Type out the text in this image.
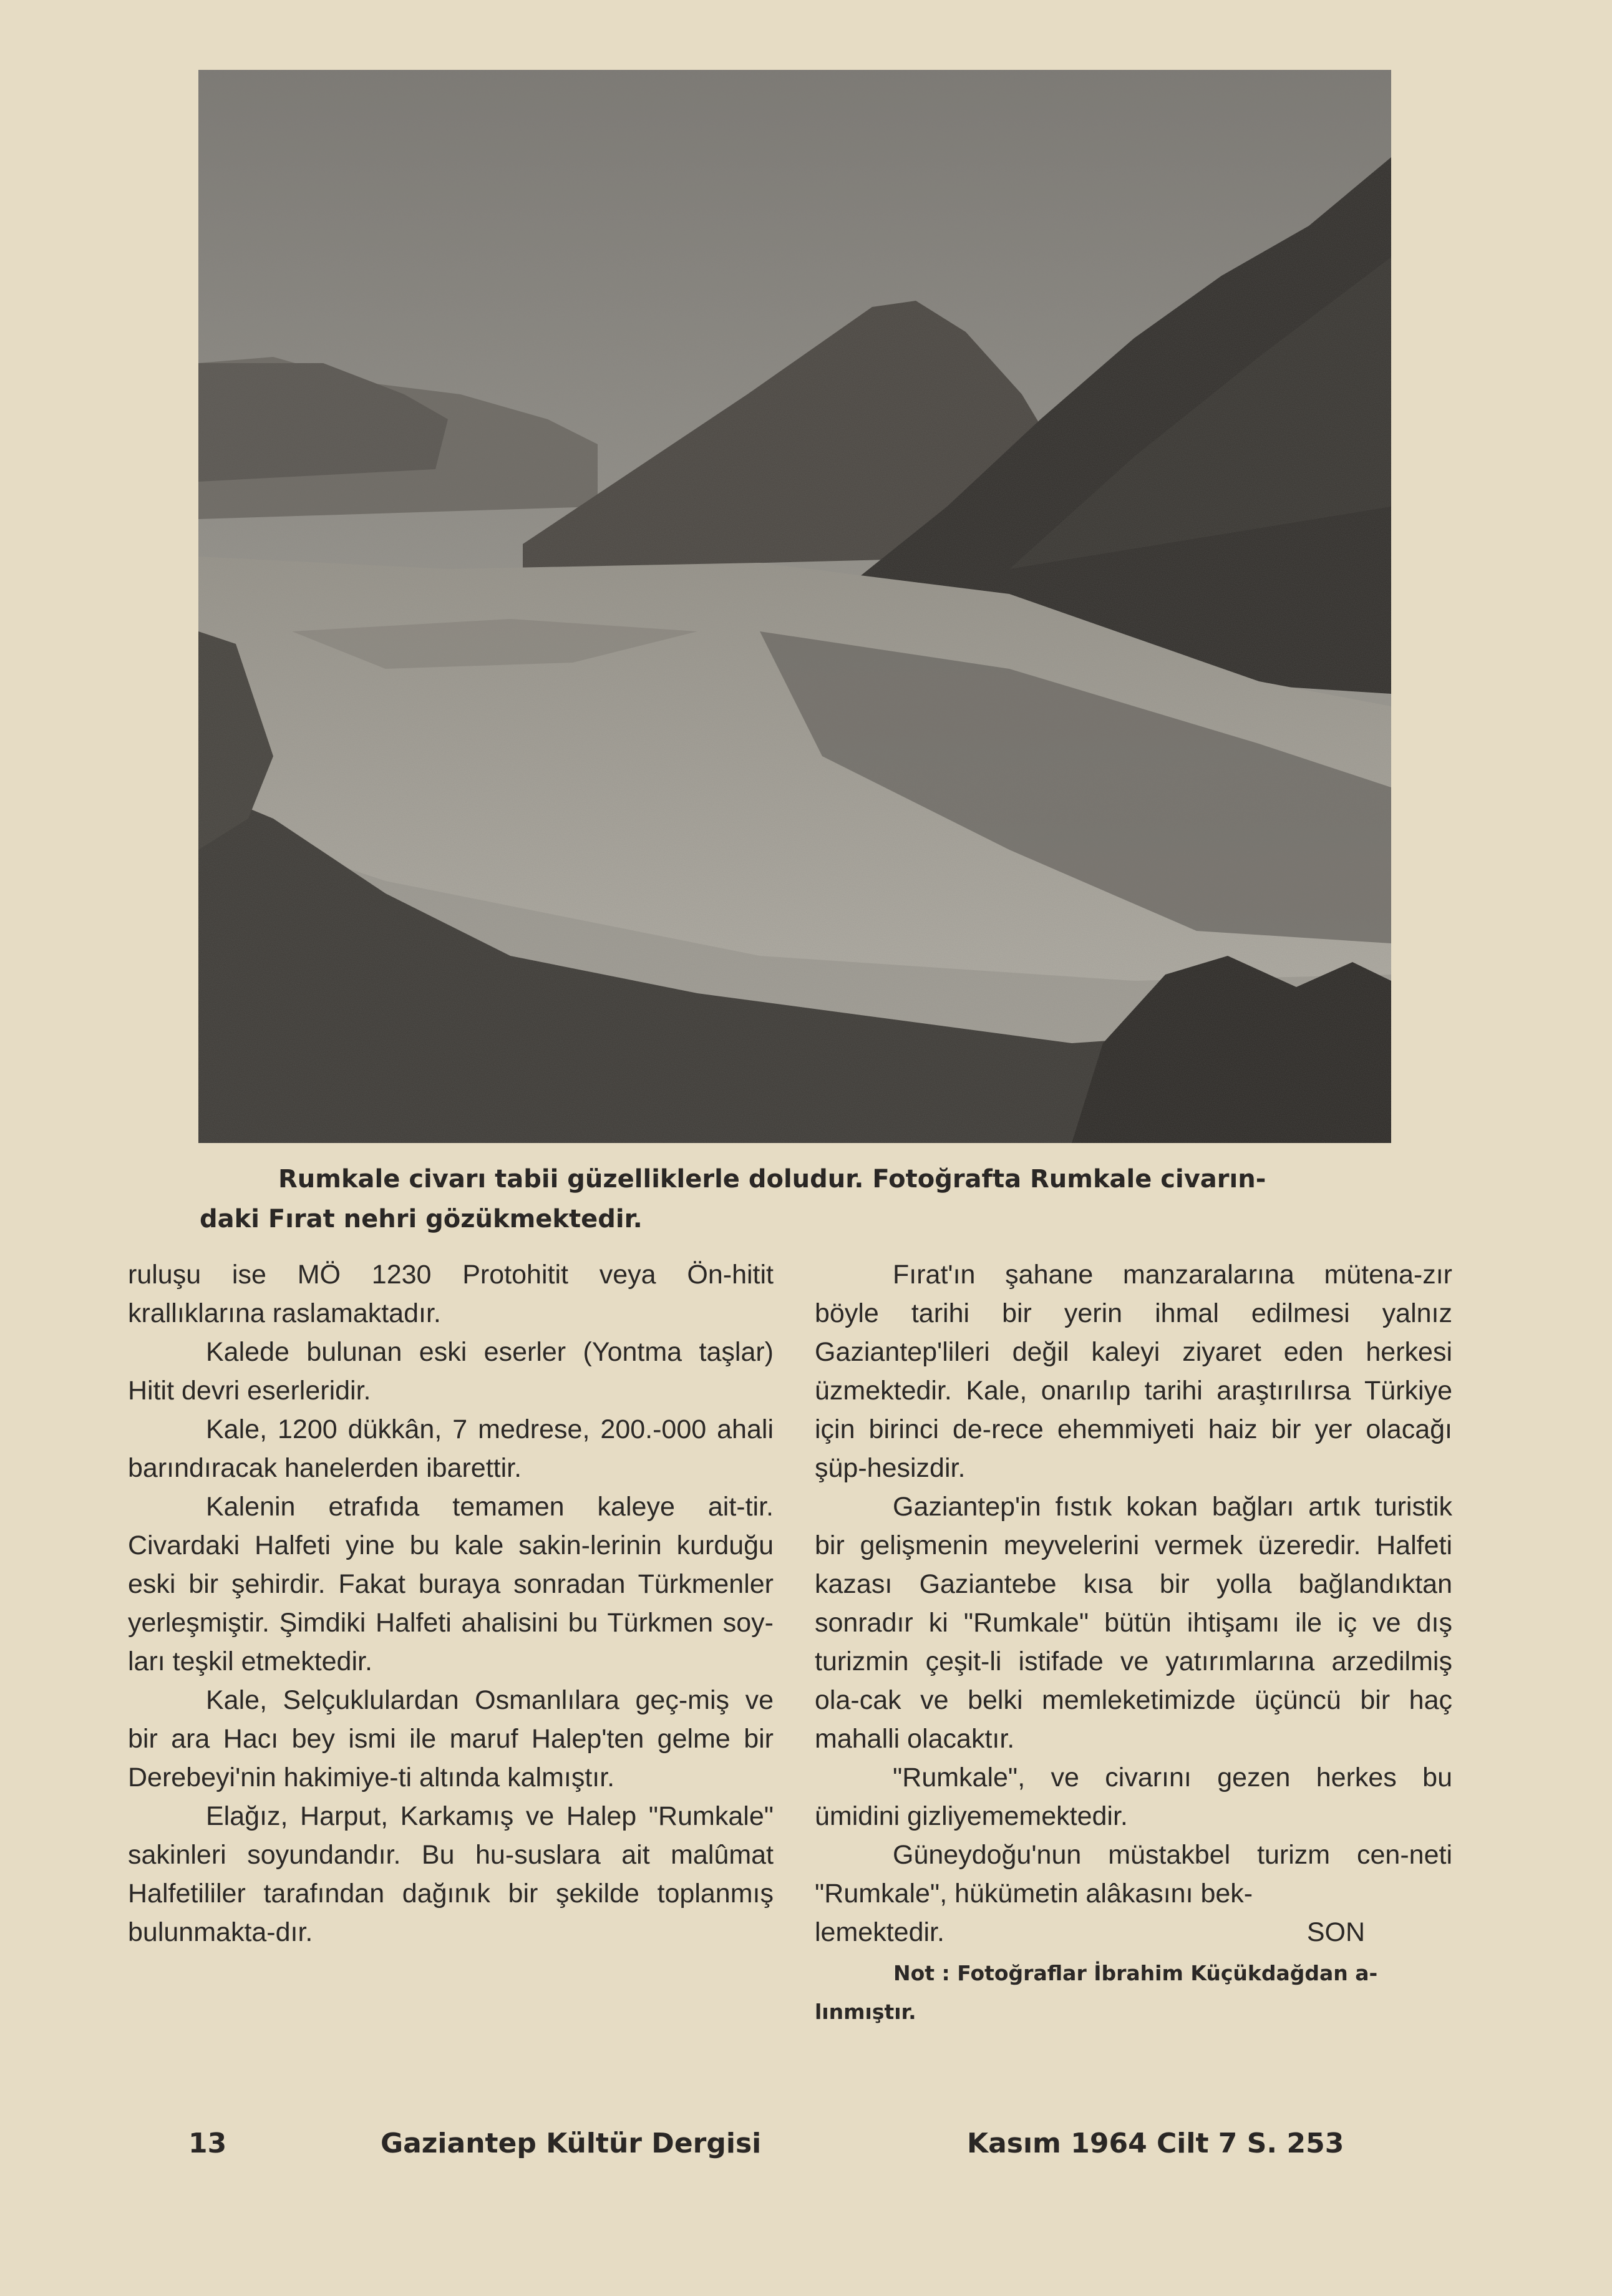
Rumkale civarı tabii güzelliklerle doludur. Fotoğrafta Rumkale civarın-
daki Fırat nehri gözükmektedir.

ruluşu ise MÖ 1230 Protohitit veya Ön-hitit krallıklarına raslamaktadır.

Kalede bulunan eski eserler (Yontma taşlar) Hitit devri eserleridir.

Kale, 1200 dükkân, 7 medrese, 200.-000 ahali barındıracak hanelerden ibarettir.

Kalenin etrafıda temamen kaleye ait-tir. Civardaki Halfeti yine bu kale sakin-lerinin kurduğu eski bir şehirdir. Fakat buraya sonradan Türkmenler yerleşmiştir. Şimdiki Halfeti ahalisini bu Türkmen soy-ları teşkil etmektedir.

Kale, Selçuklulardan Osmanlılara geç-miş ve bir ara Hacı bey ismi ile maruf Halep'ten gelme bir Derebeyi'nin hakimiye-ti altında kalmıştır.

Elağız, Harput, Karkamış ve Halep "Rumkale" sakinleri soyundandır. Bu hu-suslara ait malûmat Halfetililer tarafından dağınık bir şekilde toplanmış bulunmakta-dır.

Fırat'ın şahane manzaralarına mütena-zır böyle tarihi bir yerin ihmal edilmesi yalnız Gaziantep'lileri değil kaleyi ziyaret eden herkesi üzmektedir. Kale, onarılıp tarihi araştırılırsa Türkiye için birinci de-rece ehemmiyeti haiz bir yer olacağı şüp-hesizdir.

Gaziantep'in fıstık kokan bağları artık turistik bir gelişmenin meyvelerini vermek üzeredir. Halfeti kazası Gaziantebe kısa bir yolla bağlandıktan sonradır ki "Rumkale" bütün ihtişamı ile iç ve dış turizmin çeşit-li istifade ve yatırımlarına arzedilmiş ola-cak ve belki memleketimizde üçüncü bir haç mahalli olacaktır.

"Rumkale", ve civarını gezen herkes bu ümidini gizliyememektedir.

Güneydoğu'nun müstakbel turizm cen-neti "Rumkale", hükümetin alâkasını bek-

lemektedir.	SON
Not : Fotoğraflar İbrahim Küçükdağdan a-
lınmıştır.
13	Gaziantep Kültür Dergisi	Kasım 1964 Cilt 7 S. 253
